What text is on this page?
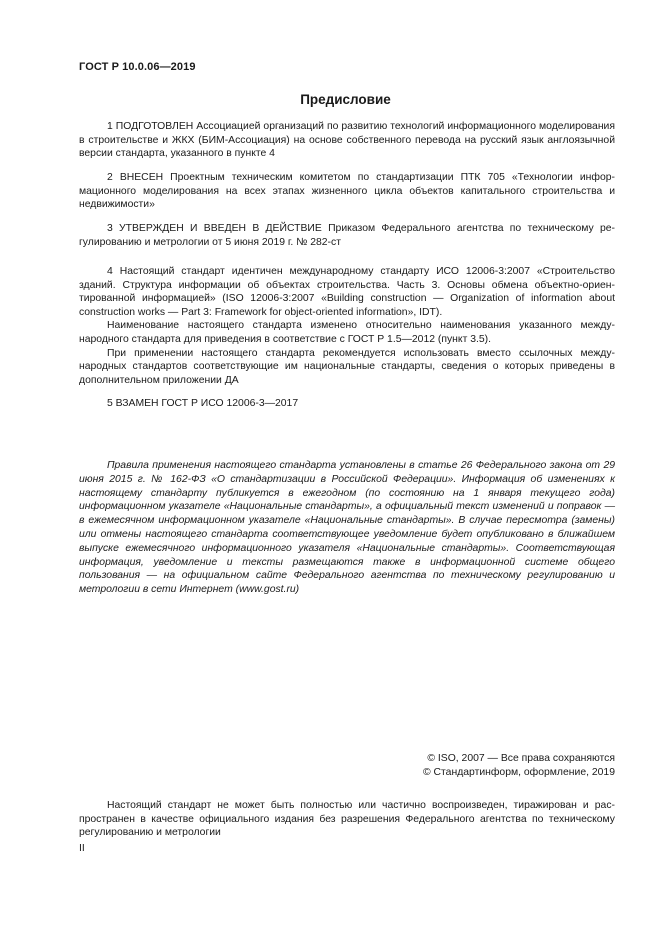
ГОСТ Р 10.0.06—2019
Предисловие

1 ПОДГОТОВЛЕН Ассоциацией организаций по развитию технологий информационного моделирования в строительстве и ЖКХ (БИМ-Ассоциация) на основе собственного перевода на русский язык англоязычной версии стандарта, указанного в пункте 4

2 ВНЕСЕН Проектным техническим комитетом по стандартизации ПТК 705 «Технологии информационного моделирования на всех этапах жизненного цикла объектов капитального строительства и недвижимости»

3 УТВЕРЖДЕН И ВВЕДЕН В ДЕЙСТВИЕ Приказом Федерального агентства по техническому регулированию и метрологии от 5 июня 2019 г. № 282-ст

4 Настоящий стандарт идентичен международному стандарту ИСО 12006-3:2007 «Строительство зданий. Структура информации об объектах строительства. Часть 3. Основы обмена объектно-ориентированной информацией» (ISO 12006-3:2007 «Building construction — Organization of information about construction works — Part 3: Framework for object-oriented information», IDT).

Наименование настоящего стандарта изменено относительно наименования указанного международного стандарта для приведения в соответствие с ГОСТ Р 1.5—2012 (пункт 3.5).

При применении настоящего стандарта рекомендуется использовать вместо ссылочных международных стандартов соответствующие им национальные стандарты, сведения о которых приведены в дополнительном приложении ДА

5 ВЗАМЕН ГОСТ Р ИСО 12006-3—2017

Правила применения настоящего стандарта установлены в статье 26 Федерального закона от 29 июня 2015 г. № 162-ФЗ «О стандартизации в Российской Федерации». Информация об изменениях к настоящему стандарту публикуется в ежегодном (по состоянию на 1 января текущего года) информационном указателе «Национальные стандарты», а официальный текст изменений и поправок — в ежемесячном информационном указателе «Национальные стандарты». В случае пересмотра (замены) или отмены настоящего стандарта соответствующее уведомление будет опубликовано в ближайшем выпуске ежемесячного информационного указателя «Национальные стандарты». Соответствующая информация, уведомление и тексты размещаются также в информационной системе общего пользования — на официальном сайте Федерального агентства по техническому регулированию и метрологии в сети Интернет (www.gost.ru)
© ISO, 2007 — Все права сохраняются
© Стандартинформ, оформление, 2019
Настоящий стандарт не может быть полностью или частично воспроизведен, тиражирован и распространен в качестве официального издания без разрешения Федерального агентства по техническому регулированию и метрологии
II
